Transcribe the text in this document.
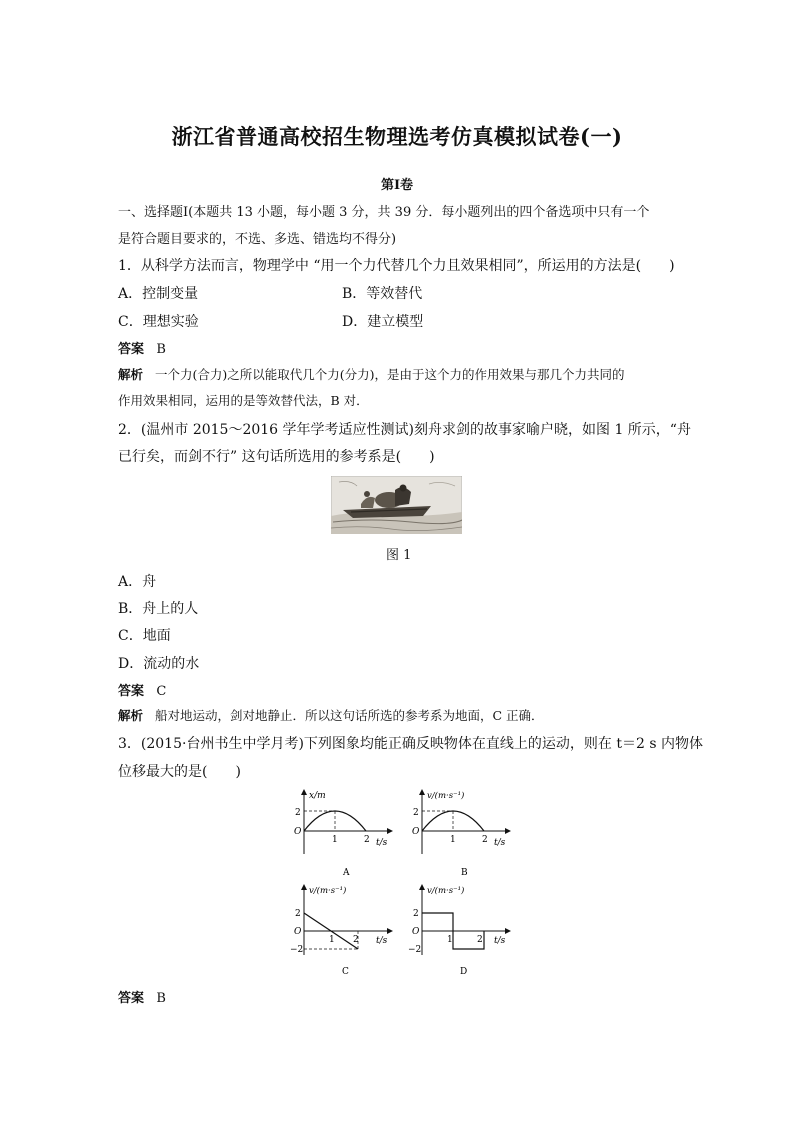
浙江省普通高校招生物理选考仿真模拟试卷(一)
第Ⅰ卷
一、选择题Ⅰ(本题共 13 小题，每小题 3 分，共 39 分．每小题列出的四个备选项中只有一个
是符合题目要求的，不选、多选、错选均不得分)
1．从科学方法而言，物理学中 “用一个力代替几个力且效果相同”，所运用的方法是(　　)
A．控制变量	B．等效替代
C．理想实验	D．建立模型
答案 B
解析 一个力(合力)之所以能取代几个力(分力)，是由于这个力的作用效果与那几个力共同的
作用效果相同，运用的是等效替代法，B 对．
2．(温州市 2015～2016 学年学考适应性测试)刻舟求剑的故事家喻户晓，如图 1 所示，“舟
已行矣，而剑不行” 这句话所选用的参考系是(　　)
图 1
A．舟
B．舟上的人
C．地面
D．流动的水
答案 C
解析 船对地运动，剑对地静止．所以这句话所选的参考系为地面，C 正确．
3．(2015·台州书生中学月考)下列图象均能正确反映物体在直线上的运动，则在 t＝2 s 内物体
位移最大的是(　　)
x/m
2
O
1	2 t/s
A
v/(m·s⁻¹)
2
O
1	2 t/s
B
v/(m·s⁻¹)
2
O
−2
1 2 t/s
C
v/(m·s⁻¹)
2
O
−2
1	2 t/s
D
答案 B
